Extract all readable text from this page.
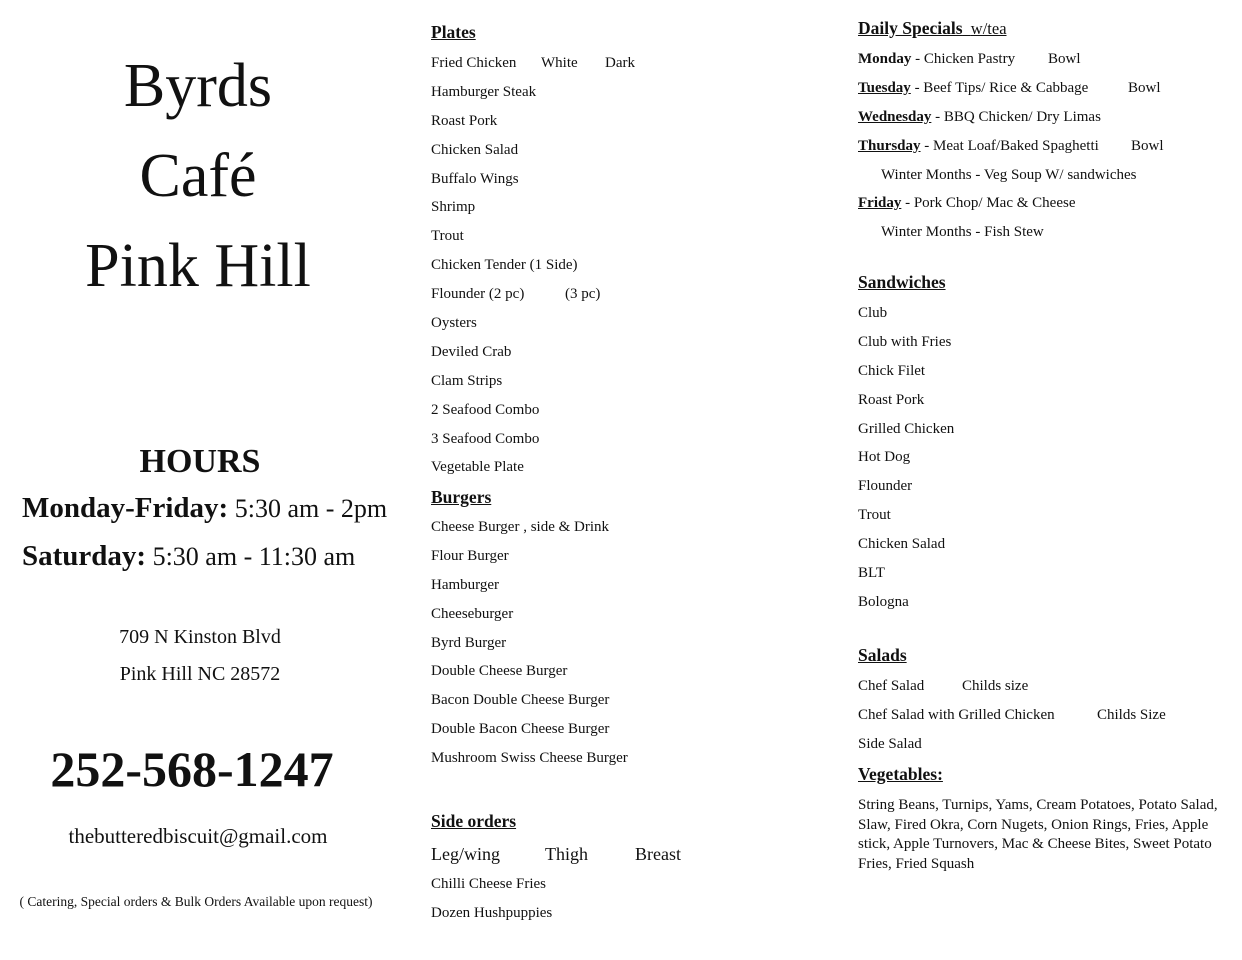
Byrds
Café
Pink Hill
HOURS
Monday-Friday: 5:30 am - 2pm
Saturday: 5:30 am - 11:30 am
709 N Kinston Blvd
Pink Hill NC 28572
252-568-1247
thebutteredbiscuit@gmail.com
( Catering, Special orders & Bulk Orders Available upon request)
Plates
Fried Chicken White Dark
Hamburger Steak
Roast Pork
Chicken Salad
Buffalo Wings
Shrimp
Trout
Chicken Tender (1 Side)
Flounder (2 pc)	(3 pc)
Oysters
Deviled Crab
Clam Strips
2 Seafood Combo
3 Seafood Combo
Vegetable Plate
Burgers
Cheese Burger , side & Drink
Flour Burger
Hamburger
Cheeseburger
Byrd Burger
Double Cheese Burger
Bacon Double Cheese Burger
Double Bacon Cheese Burger
Mushroom Swiss Cheese Burger
Side orders
Leg/wing	Thigh	Breast
Chilli Cheese Fries
Dozen Hushpuppies
Daily Specials w/tea
Monday - Chicken Pastry Bowl
Tuesday - Beef Tips/ Rice & Cabbage	Bowl
Wednesday - BBQ Chicken/ Dry Limas
Thursday - Meat Loaf/Baked Spaghetti Bowl
Winter Months - Veg Soup W/ sandwiches
Friday - Pork Chop/ Mac & Cheese
Winter Months - Fish Stew
Sandwiches
Club
Club with Fries
Chick Filet
Roast Pork
Grilled Chicken
Hot Dog
Flounder
Trout
Chicken Salad
BLT
Bologna
Salads
Chef Salad	Childs size
Chef Salad with Grilled Chicken	Childs Size
Side Salad
Vegetables:
String Beans, Turnips, Yams, Cream Potatoes, Potato Salad, Slaw, Fired Okra, Corn Nugets, Onion Rings, Fries, Apple stick, Apple Turnovers, Mac & Cheese Bites, Sweet Potato Fries, Fried Squash
